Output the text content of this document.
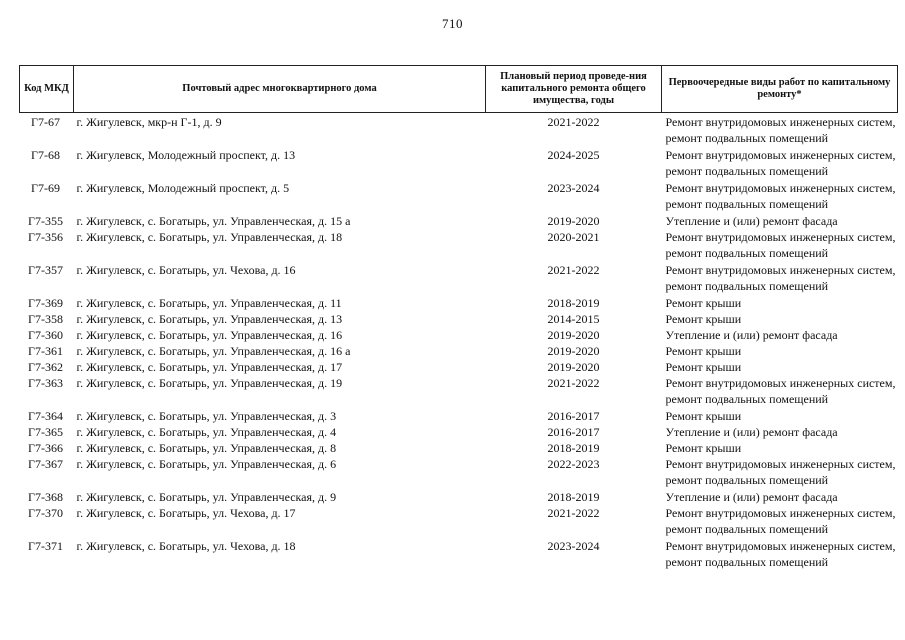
710
Код МКД	Почтовый адрес многоквартирного дома	Плановый период проведе-ния капитального ремонта общего имущества, годы	Первоочередные виды работ по капитальному ремонту*
Г7-67	г. Жигулевск, мкр-н Г-1, д. 9	2021-2022	Ремонт внутридомовых инженерных систем,
ремонт подвальных помещений

Г7-68	г. Жигулевск, Молодежный проспект, д. 13	2024-2025	Ремонт внутридомовых инженерных систем,
ремонт подвальных помещений

Г7-69	г. Жигулевск, Молодежный проспект, д. 5	2023-2024	Ремонт внутридомовых инженерных систем,
ремонт подвальных помещений

Г7-355	г. Жигулевск, с. Богатырь, ул. Управленческая, д. 15 а	2019-2020	Утепление и (или) ремонт фасада

Г7-356	г. Жигулевск, с. Богатырь, ул. Управленческая, д. 18	2020-2021	Ремонт внутридомовых инженерных систем,
ремонт подвальных помещений

Г7-357	г. Жигулевск, с. Богатырь, ул. Чехова, д. 16	2021-2022	Ремонт внутридомовых инженерных систем,
ремонт подвальных помещений

Г7-369	г. Жигулевск, с. Богатырь, ул. Управленческая, д. 11	2018-2019	Ремонт крыши

Г7-358	г. Жигулевск, с. Богатырь, ул. Управленческая, д. 13	2014-2015	Ремонт крыши

Г7-360	г. Жигулевск, с. Богатырь, ул. Управленческая, д. 16	2019-2020	Утепление и (или) ремонт фасада

Г7-361	г. Жигулевск, с. Богатырь, ул. Управленческая, д. 16 а	2019-2020	Ремонт крыши

Г7-362	г. Жигулевск, с. Богатырь, ул. Управленческая, д. 17	2019-2020	Ремонт крыши

Г7-363	г. Жигулевск, с. Богатырь, ул. Управленческая, д. 19	2021-2022	Ремонт внутридомовых инженерных систем,
ремонт подвальных помещений

Г7-364	г. Жигулевск, с. Богатырь, ул. Управленческая, д. 3	2016-2017	Ремонт крыши

Г7-365	г. Жигулевск, с. Богатырь, ул. Управленческая, д. 4	2016-2017	Утепление и (или) ремонт фасада

Г7-366	г. Жигулевск, с. Богатырь, ул. Управленческая, д. 8	2018-2019	Ремонт крыши

Г7-367	г. Жигулевск, с. Богатырь, ул. Управленческая, д. 6	2022-2023	Ремонт внутридомовых инженерных систем,
ремонт подвальных помещений

Г7-368	г. Жигулевск, с. Богатырь, ул. Управленческая, д. 9	2018-2019	Утепление и (или) ремонт фасада

Г7-370	г. Жигулевск, с. Богатырь, ул. Чехова, д. 17	2021-2022	Ремонт внутридомовых инженерных систем,
ремонт подвальных помещений

Г7-371	г. Жигулевск, с. Богатырь, ул. Чехова, д. 18	2023-2024	Ремонт внутридомовых инженерных систем,
ремонт подвальных помещений
